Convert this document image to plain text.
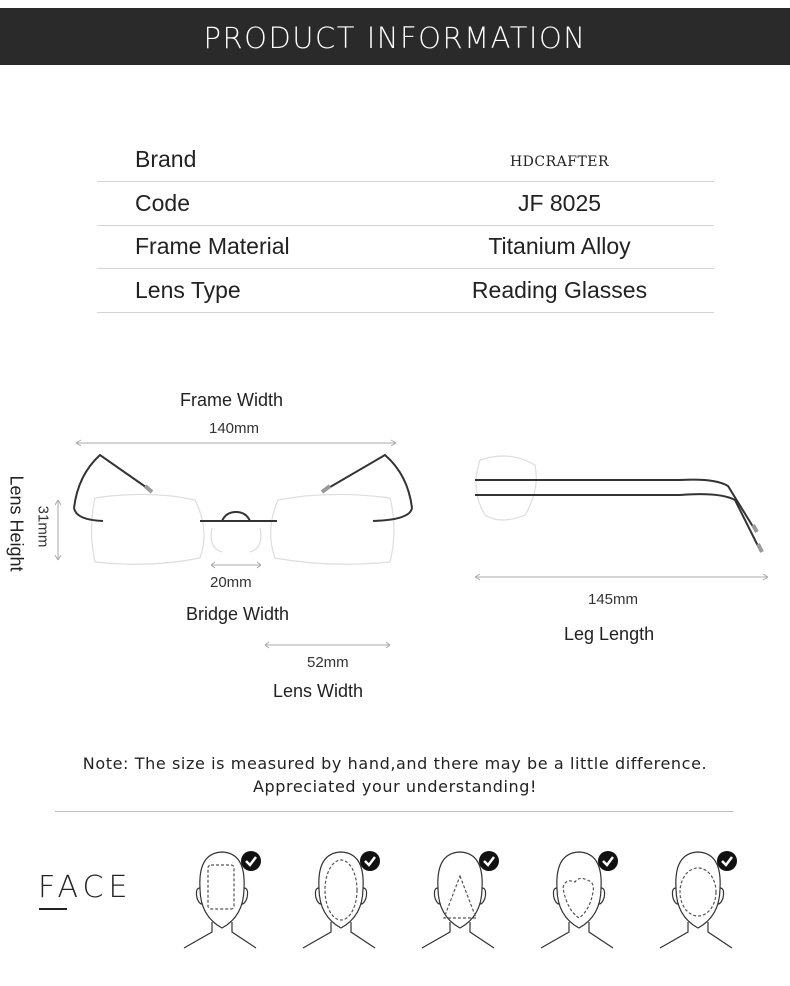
PRODUCT INFORMATION
Brand	HDCRAFTER
Code	JF 8025
Frame Material	Titanium Alloy
Lens Type	Reading Glasses
Frame Width
140mm
Lens Height 31mm
20mm
Bridge Width
52mm
Lens Width
145mm
Leg Length
Note: The size is measured by hand,and there may be a little difference.
Appreciated your understanding!
FACE
